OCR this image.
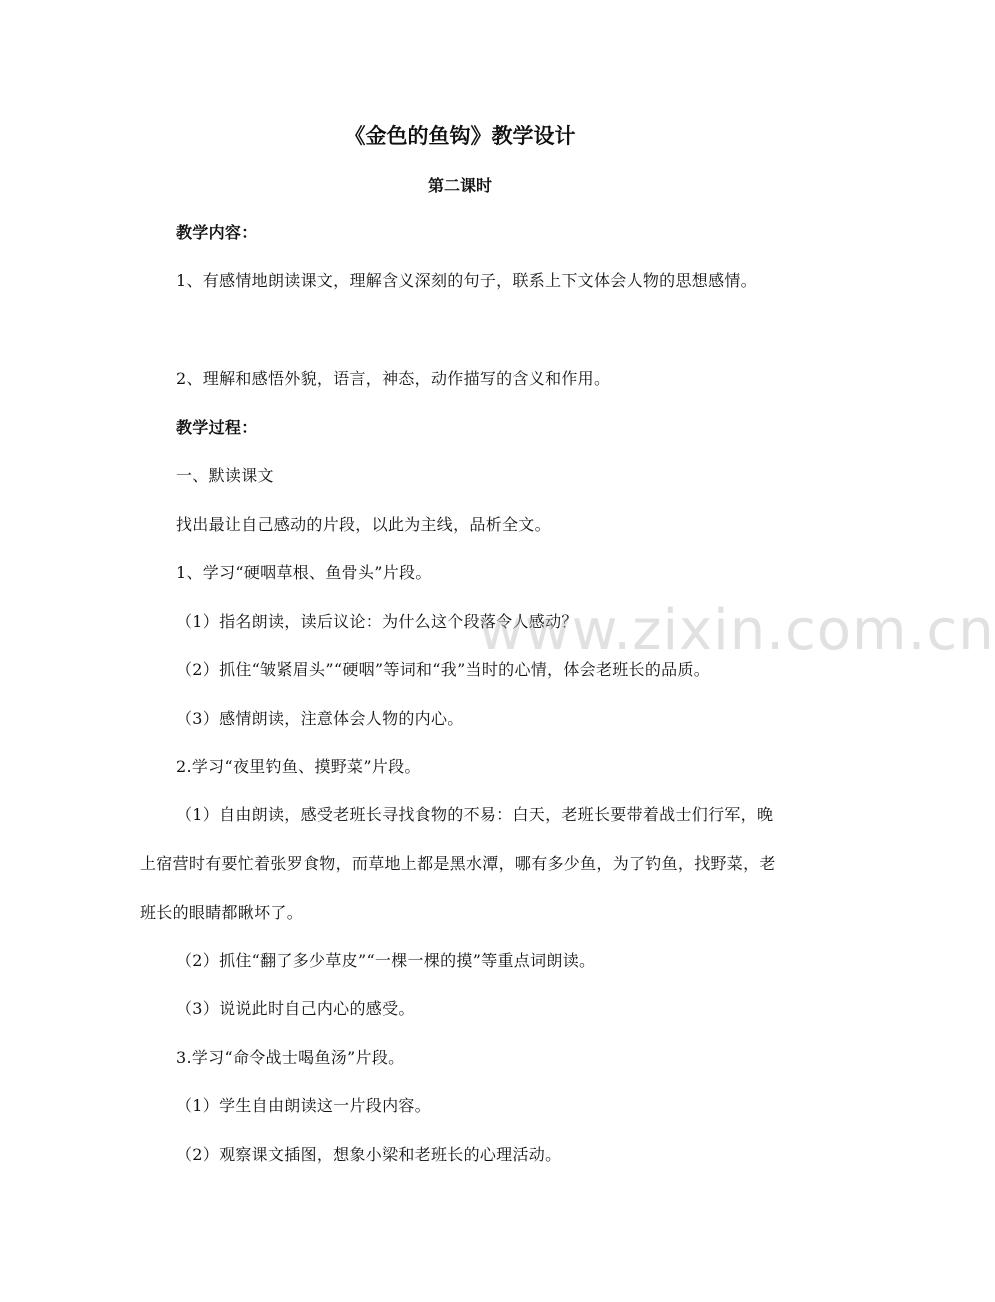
《金色的鱼钩》教学设计
第二课时

教学内容：

1、有感情地朗读课文，理解含义深刻的句子，联系上下文体会人物的思想感情。

2、理解和感悟外貌，语言，神态，动作描写的含义和作用。

教学过程：

一、默读课文

找出最让自己感动的片段，以此为主线，品析全文。

1、学习“硬咽草根、鱼骨头”片段。

（1）指名朗读，读后议论：为什么这个段落令人感动？

（2）抓住“皱紧眉头”“硬咽”等词和“我”当时的心情，体会老班长的品质。

（3）感情朗读，注意体会人物的内心。

2.学习“夜里钓鱼、摸野菜”片段。

（1）自由朗读，感受老班长寻找食物的不易：白天，老班长要带着战士们行军，晚上宿营时有要忙着张罗食物，而草地上都是黑水潭，哪有多少鱼，为了钓鱼，找野菜，老班长的眼睛都瞅坏了。

（2）抓住“翻了多少草皮”“一棵一棵的摸”等重点词朗读。

（3）说说此时自己内心的感受。

3.学习“命令战士喝鱼汤”片段。

（1）学生自由朗读这一片段内容。

（2）观察课文插图，想象小梁和老班长的心理活动。

www.zixin.com.cn
